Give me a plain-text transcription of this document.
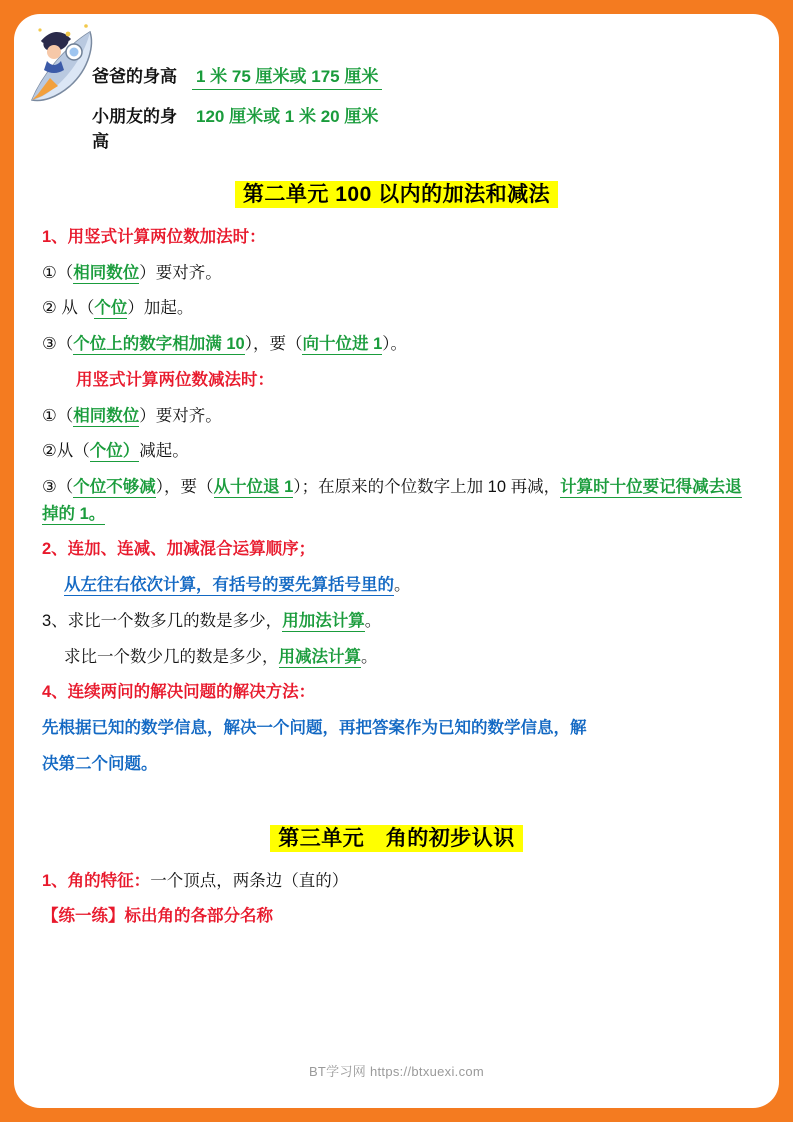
爸爸的身高	1 米 75 厘米或 175 厘米
小朋友的身高
120 厘米或 1 米 20 厘米
第二单元 100 以内的加法和减法
1、用竖式计算两位数加法时：
①（相同数位）要对齐。
② 从（个位）加起。
③（个位上的数字相加满 10），要（向十位进 1）。
用竖式计算两位数减法时：
①（相同数位）要对齐。
②从（个位）减起。
③（个位不够减），要（从十位退 1）；在原来的个位数字上加 10 再减，计算时十位要记得减去退掉的 1。
2、连加、连减、加减混合运算顺序；
从左往右依次计算，有括号的要先算括号里的。
3、求比一个数多几的数是多少，用加法计算。
求比一个数少几的数是多少，用减法计算。
4、连续两问的解决问题的解决方法：
先根据已知的数学信息，解决一个问题，再把答案作为已知的数学信息，解
决第二个问题。
第三单元　角的初步认识
1、角的特征：一个顶点，两条边（直的）
【练一练】标出角的各部分名称
BT学习网 https://btxuexi.com
